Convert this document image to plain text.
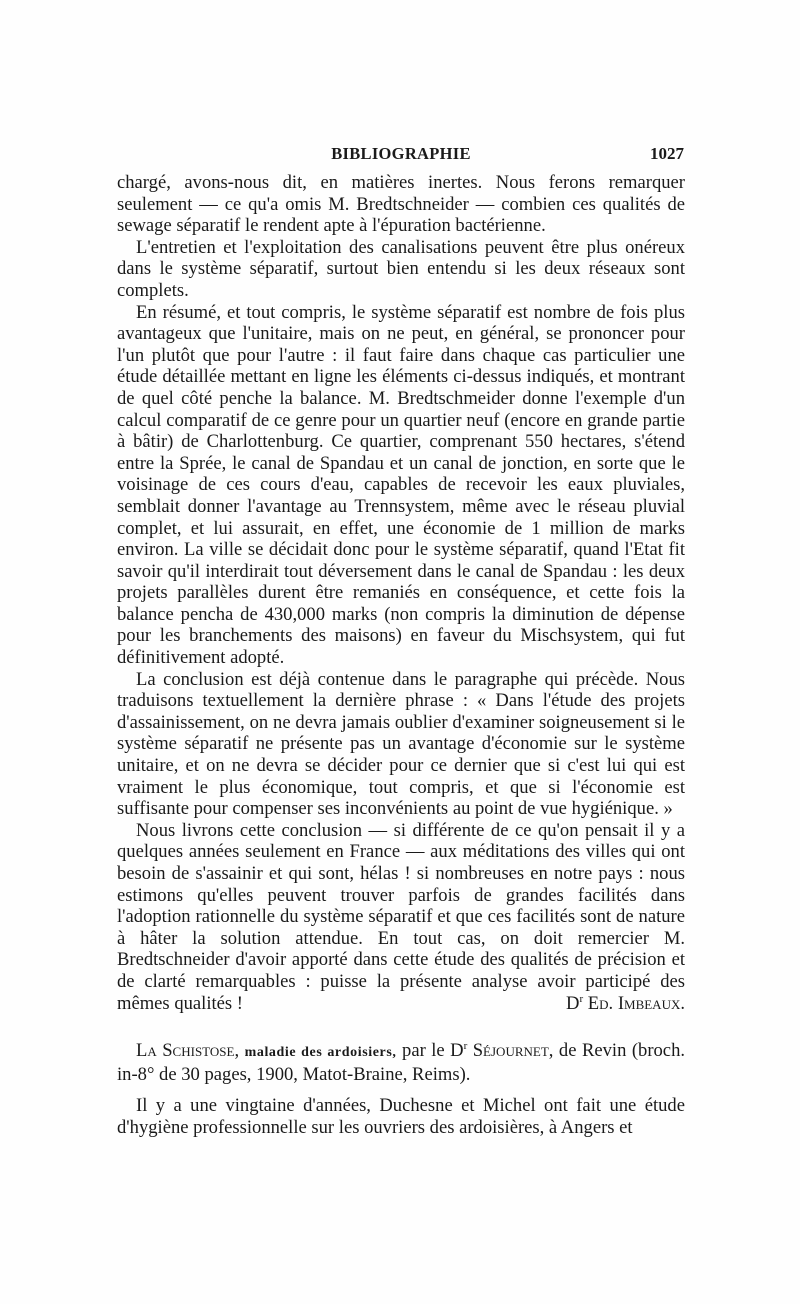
BIBLIOGRAPHIE	1027

chargé, avons-nous dit, en matières inertes. Nous ferons remarquer seulement — ce qu'a omis M. Bredtschneider — combien ces qualités de sewage séparatif le rendent apte à l'épuration bactérienne.

L'entretien et l'exploitation des canalisations peuvent être plus onéreux dans le système séparatif, surtout bien entendu si les deux réseaux sont complets.

En résumé, et tout compris, le système séparatif est nombre de fois plus avantageux que l'unitaire, mais on ne peut, en général, se prononcer pour l'un plutôt que pour l'autre : il faut faire dans chaque cas particulier une étude détaillée mettant en ligne les éléments ci-dessus indiqués, et montrant de quel côté penche la balance. M. Bredtschmeider donne l'exemple d'un calcul comparatif de ce genre pour un quartier neuf (encore en grande partie à bâtir) de Charlottenburg. Ce quartier, comprenant 550 hectares, s'étend entre la Sprée, le canal de Spandau et un canal de jonction, en sorte que le voisinage de ces cours d'eau, capables de recevoir les eaux pluviales, semblait donner l'avantage au Trennsystem, même avec le réseau pluvial complet, et lui assurait, en effet, une économie de 1 million de marks environ. La ville se décidait donc pour le système séparatif, quand l'Etat fit savoir qu'il interdirait tout déversement dans le canal de Spandau : les deux projets parallèles durent être remaniés en conséquence, et cette fois la balance pencha de 430,000 marks (non compris la diminution de dépense pour les branchements des maisons) en faveur du Mischsystem, qui fut définitivement adopté.

La conclusion est déjà contenue dans le paragraphe qui précède. Nous traduisons textuellement la dernière phrase : « Dans l'étude des projets d'assainissement, on ne devra jamais oublier d'examiner soigneusement si le système séparatif ne présente pas un avantage d'économie sur le système unitaire, et on ne devra se décider pour ce dernier que si c'est lui qui est vraiment le plus économique, tout compris, et que si l'économie est suffisante pour compenser ses inconvénients au point de vue hygiénique. »

Nous livrons cette conclusion — si différente de ce qu'on pensait il y a quelques années seulement en France — aux méditations des villes qui ont besoin de s'assainir et qui sont, hélas ! si nombreuses en notre pays : nous estimons qu'elles peuvent trouver parfois de grandes facilités dans l'adoption rationnelle du système séparatif et que ces facilités sont de nature à hâter la solution attendue. En tout cas, on doit remercier M. Bredtschneider d'avoir apporté dans cette étude des qualités de précision et de clarté remarquables : puisse la présente analyse avoir participé des mêmes qualités !	$D^r$ Ed. Imbeaux.

La Schistose, maladie des ardoisiers, par le $D^r$ Séjournet, de Revin (broch. in-8° de 30 pages, 1900, Matot-Braine, Reims).

Il y a une vingtaine d'années, Duchesne et Michel ont fait une étude d'hygiène professionnelle sur les ouvriers des ardoisières, à Angers et
